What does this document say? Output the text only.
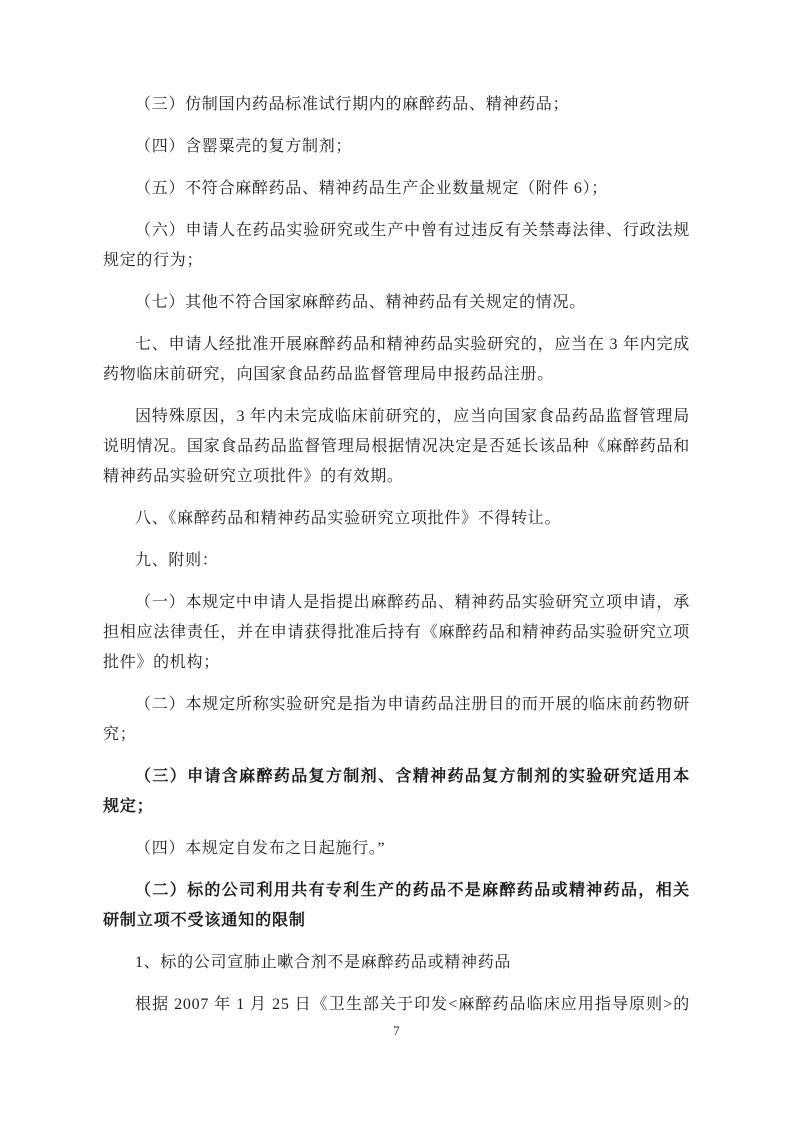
（三）仿制国内药品标准试行期内的麻醉药品、精神药品；

（四）含罂粟壳的复方制剂；

（五）不符合麻醉药品、精神药品生产企业数量规定（附件 6）；

（六）申请人在药品实验研究或生产中曾有过违反有关禁毒法律、行政法规规定的行为；

（七）其他不符合国家麻醉药品、精神药品有关规定的情况。

七、申请人经批准开展麻醉药品和精神药品实验研究的，应当在 3 年内完成药物临床前研究，向国家食品药品监督管理局申报药品注册。

因特殊原因，3 年内未完成临床前研究的，应当向国家食品药品监督管理局说明情况。国家食品药品监督管理局根据情况决定是否延长该品种《麻醉药品和精神药品实验研究立项批件》的有效期。

八、《麻醉药品和精神药品实验研究立项批件》不得转让。

九、附则：

（一）本规定中申请人是指提出麻醉药品、精神药品实验研究立项申请，承担相应法律责任，并在申请获得批准后持有《麻醉药品和精神药品实验研究立项批件》的机构；

（二）本规定所称实验研究是指为申请药品注册目的而开展的临床前药物研究；

（三）申请含麻醉药品复方制剂、含精神药品复方制剂的实验研究适用本规定；

（四）本规定自发布之日起施行。”

（二）标的公司利用共有专利生产的药品不是麻醉药品或精神药品，相关研制立项不受该通知的限制

1、标的公司宣肺止嗽合剂不是麻醉药品或精神药品

根据 2007 年 1 月 25 日《卫生部关于印发<麻醉药品临床应用指导原则>的

7
